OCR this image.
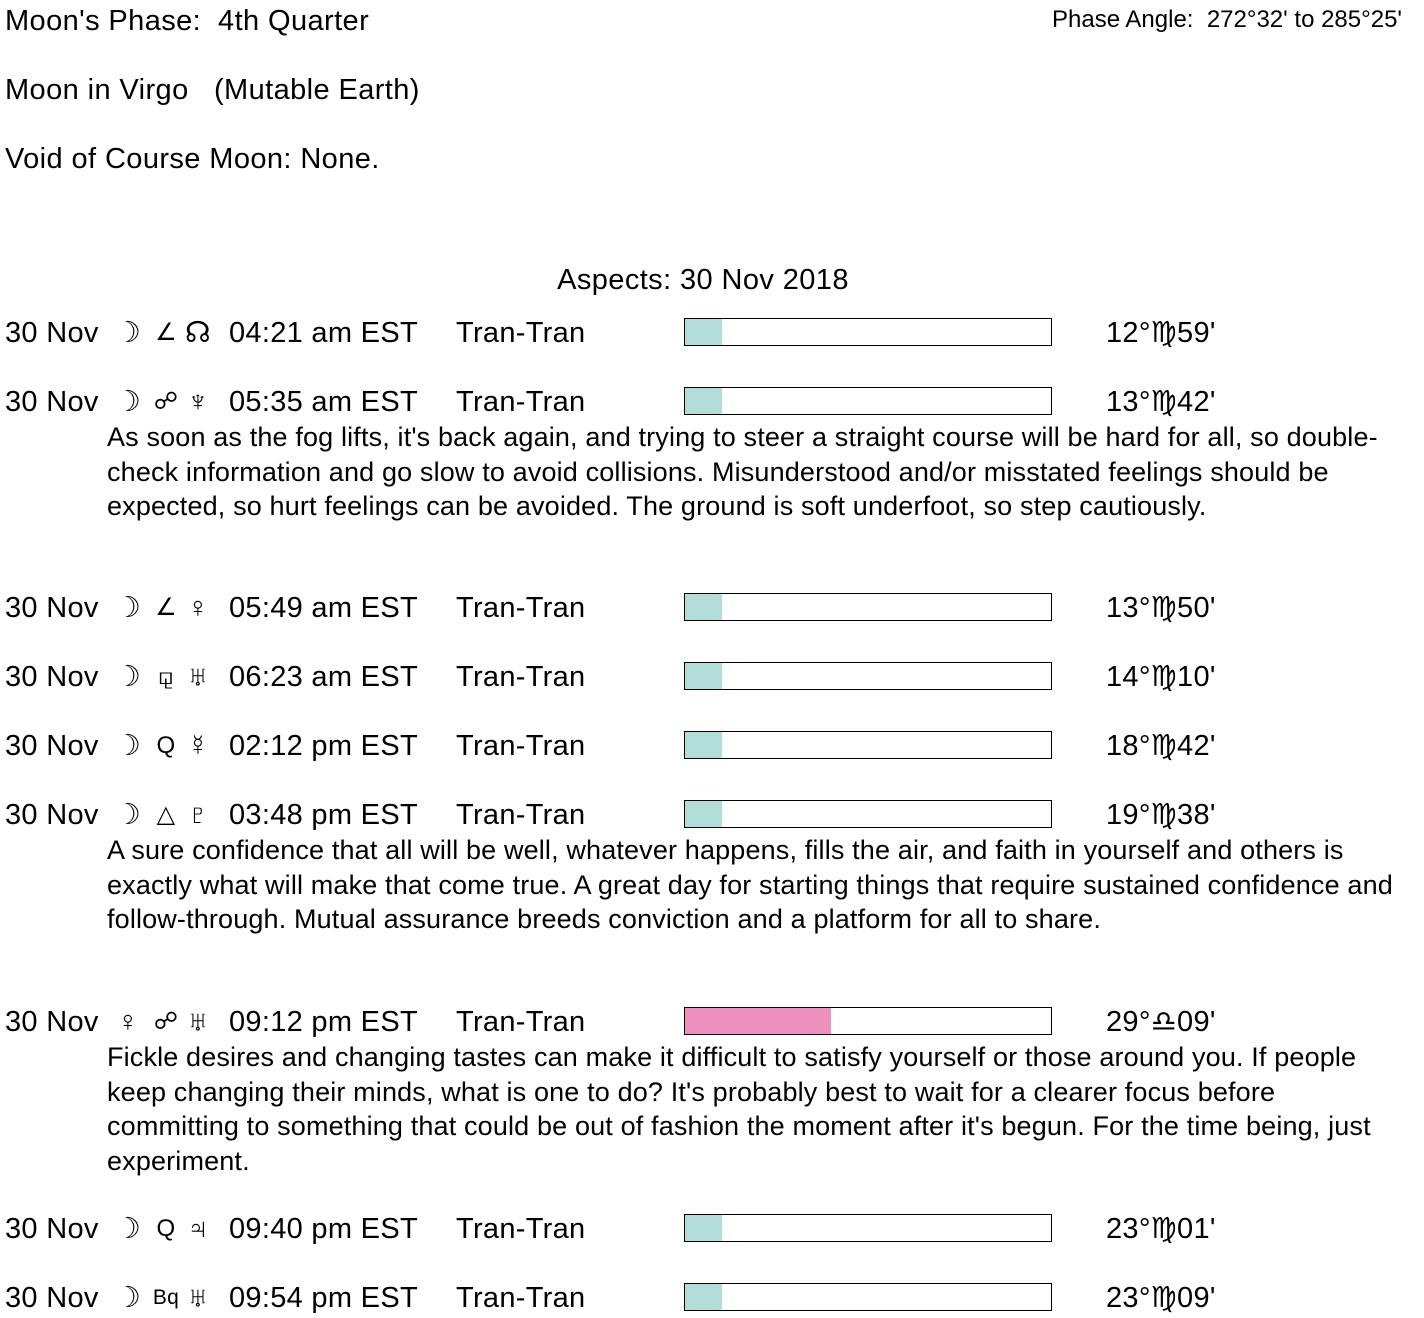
Moon's Phase:  4th Quarter	Phase Angle:  272°32' to 285°25'
Moon in Virgo   (Mutable Earth)
Void of Course Moon: None.
Aspects: 30 Nov 2018
30 Nov ☽ ∠ ☊ 04:21 am EST Tran-Tran	12°♍59'
30 Nov ☽ ☍ ♆ 05:35 am EST Tran-Tran	13°♍42'
As soon as the fog lifts, it's back again, and trying to steer a straight course will be hard for all, so double-check information and go slow to avoid collisions. Misunderstood and/or misstated feelings should be expected, so hurt feelings can be avoided. The ground is soft underfoot, so step cautiously.
30 Nov ☽ ∠ ♀ 05:49 am EST Tran-Tran	13°♍50'
30 Nov ☽ ⚼ ♅ 06:23 am EST Tran-Tran	14°♍10'
30 Nov ☽ Q ☿ 02:12 pm EST Tran-Tran	18°♍42'
30 Nov ☽ △ ♇ 03:48 pm EST Tran-Tran	19°♍38'
A sure confidence that all will be well, whatever happens, fills the air, and faith in yourself and others is exactly what will make that come true. A great day for starting things that require sustained confidence and follow-through. Mutual assurance breeds conviction and a platform for all to share.
30 Nov ♀ ☍ ♅ 09:12 pm EST Tran-Tran	29°♎09'
Fickle desires and changing tastes can make it difficult to satisfy yourself or those around you. If people keep changing their minds, what is one to do? It's probably best to wait for a clearer focus before committing to something that could be out of fashion the moment after it's begun. For the time being, just experiment.
30 Nov ☽ Q ♃ 09:40 pm EST Tran-Tran	23°♍01'
30 Nov ☽ Bq ♅ 09:54 pm EST Tran-Tran	23°♍09'
